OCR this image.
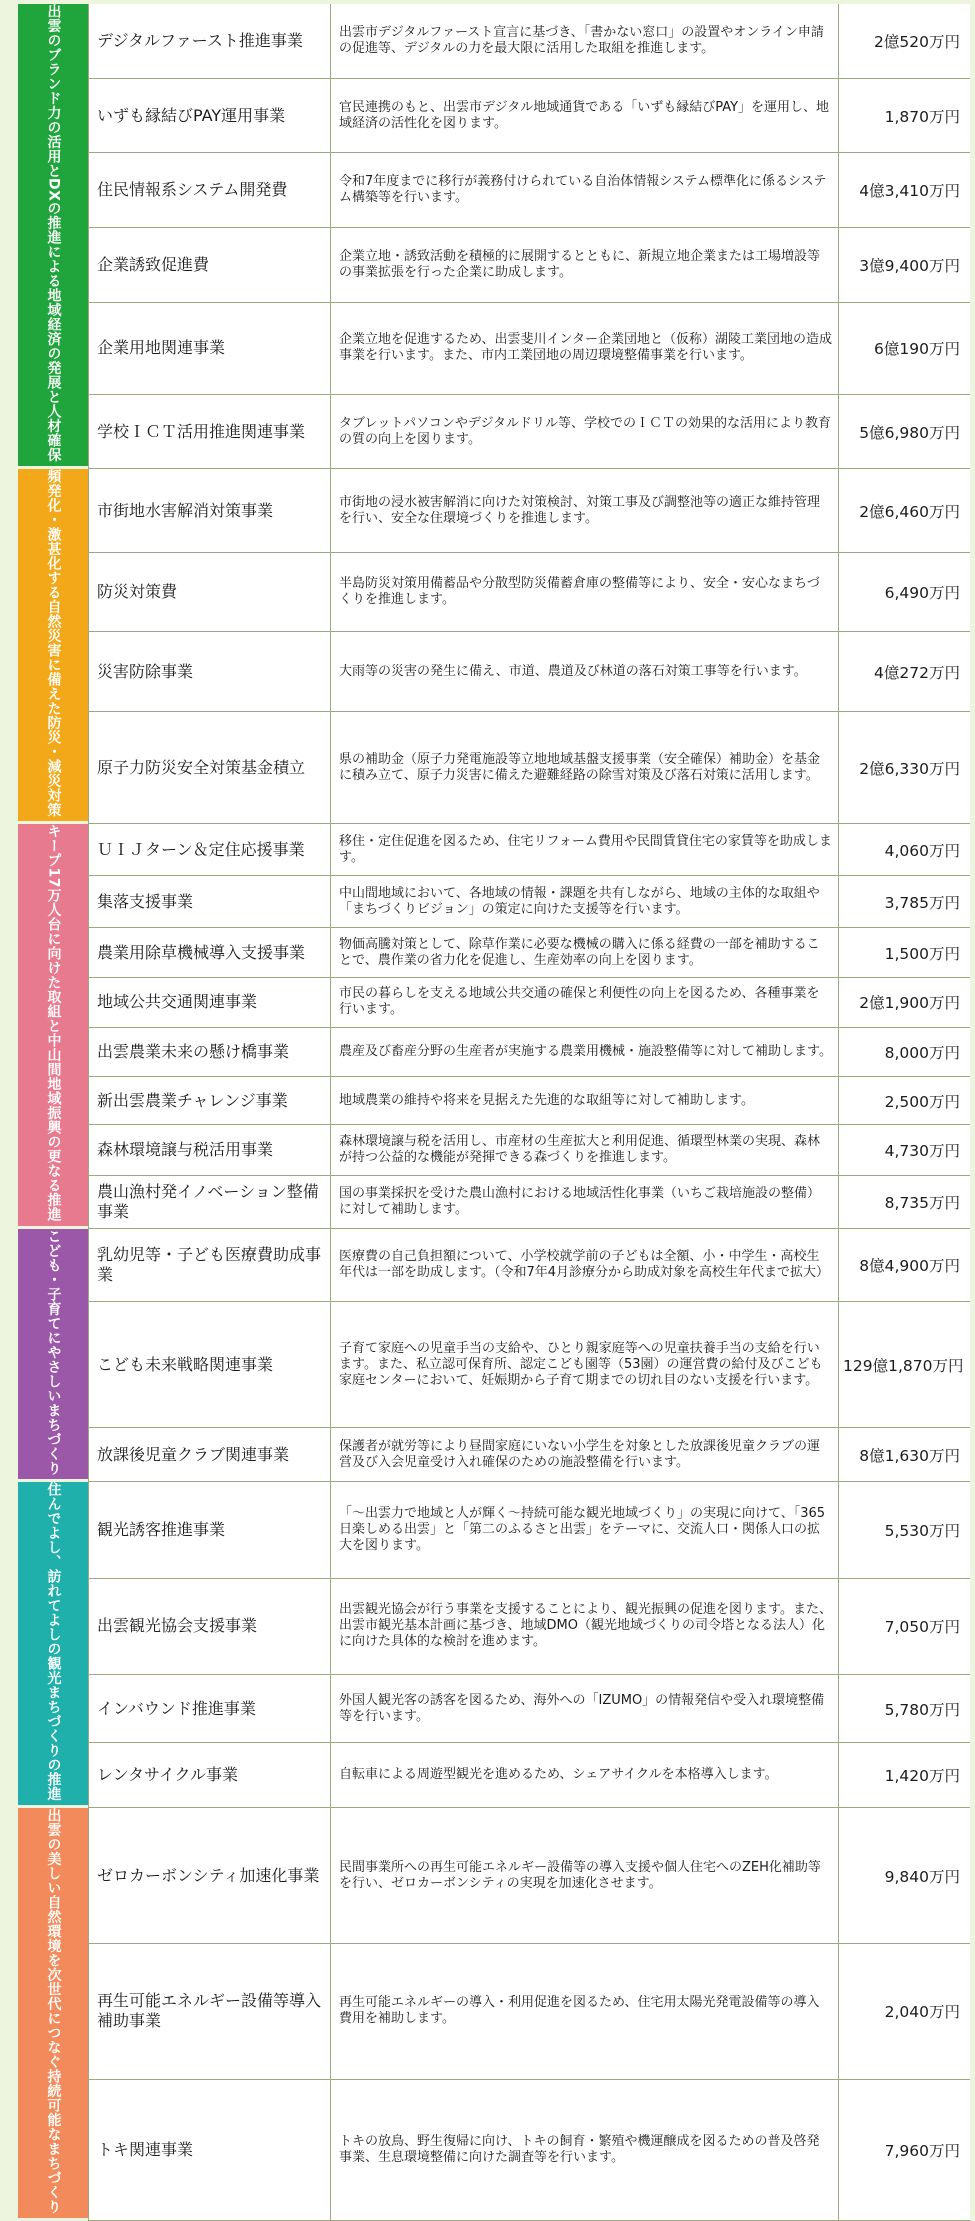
出雲のブランド力の活用とDXの推進による地域経済の発展と人材確保	デジタルファースト推進事業	出雲市デジタルファースト宣言に基づき、「書かない窓口」の設置やオンライン申請の促進等、デジタルの力を最大限に活用した取組を推進します。	2億520万円
	いずも縁結びPAY運用事業	官民連携のもと、出雲市デジタル地域通貨である「いずも縁結びPAY」を運用し、地域経済の活性化を図ります。	1,870万円
	住民情報系システム開発費	令和7年度までに移行が義務付けられている自治体情報システム標準化に係るシステム構築等を行います。	4億3,410万円
	企業誘致促進費	企業立地・誘致活動を積極的に展開するとともに、新規立地企業または工場増設等の事業拡張を行った企業に助成します。	3億9,400万円
	企業用地関連事業	企業立地を促進するため、出雲斐川インター企業団地と（仮称）湖陵工業団地の造成事業を行います。また、市内工業団地の周辺環境整備事業を行います。	6億190万円
	学校ＩＣＴ活用推進関連事業	タブレットパソコンやデジタルドリル等、学校でのＩＣＴの効果的な活用により教育の質の向上を図ります。	5億6,980万円
頻発化・激甚化する自然災害に備えた防災・減災対策	市街地水害解消対策事業	市街地の浸水被害解消に向けた対策検討、対策工事及び調整池等の適正な維持管理を行い、安全な住環境づくりを推進します。	2億6,460万円
	防災対策費	半島防災対策用備蓄品や分散型防災備蓄倉庫の整備等により、安全・安心なまちづくりを推進します。	6,490万円
	災害防除事業	大雨等の災害の発生に備え、市道、農道及び林道の落石対策工事等を行います。	4億272万円
	原子力防災安全対策基金積立	県の補助金（原子力発電施設等立地地域基盤支援事業（安全確保）補助金）を基金に積み立て、原子力災害に備えた避難経路の除雪対策及び落石対策に活用します。	2億6,330万円
キープ17万人台に向けた取組と中山間地域振興の更なる推進	ＵＩＪターン＆定住応援事業	移住・定住促進を図るため、住宅リフォーム費用や民間賃貸住宅の家賃等を助成します。	4,060万円
	集落支援事業	中山間地域において、各地域の情報・課題を共有しながら、地域の主体的な取組や「まちづくりビジョン」の策定に向けた支援等を行います。	3,785万円
	農業用除草機械導入支援事業	物価高騰対策として、除草作業に必要な機械の購入に係る経費の一部を補助することで、農作業の省力化を促進し、生産効率の向上を図ります。	1,500万円
	地域公共交通関連事業	市民の暮らしを支える地域公共交通の確保と利便性の向上を図るため、各種事業を行います。	2億1,900万円
	出雲農業未来の懸け橋事業	農産及び畜産分野の生産者が実施する農業用機械・施設整備等に対して補助します。	8,000万円
	新出雲農業チャレンジ事業	地域農業の維持や将来を見据えた先進的な取組等に対して補助します。	2,500万円
	森林環境譲与税活用事業	森林環境譲与税を活用し、市産材の生産拡大と利用促進、循環型林業の実現、森林が持つ公益的な機能が発揮できる森づくりを推進します。	4,730万円
	農山漁村発イノベーション整備事業	国の事業採択を受けた農山漁村における地域活性化事業（いちご栽培施設の整備）に対して補助します。	8,735万円
こども・子育てにやさしいまちづくり	乳幼児等・子ども医療費助成事業	医療費の自己負担額について、小学校就学前の子どもは全額、小・中学生・高校生年代は一部を助成します。（令和7年4月診療分から助成対象を高校生年代まで拡大）	8億4,900万円
	こども未来戦略関連事業	子育て家庭への児童手当の支給や、ひとり親家庭等への児童扶養手当の支給を行います。また、私立認可保育所、認定こども園等（53園）の運営費の給付及びこども家庭センターにおいて、妊娠期から子育て期までの切れ目のない支援を行います。	129億1,870万円
	放課後児童クラブ関連事業	保護者が就労等により昼間家庭にいない小学生を対象とした放課後児童クラブの運営及び入会児童受け入れ確保のための施設整備を行います。	8億1,630万円
住んでよし、訪れてよしの観光まちづくりの推進	観光誘客推進事業	「～出雲力で地域と人が輝く～持続可能な観光地域づくり」の実現に向けて、「365日楽しめる出雲」と「第二のふるさと出雲」をテーマに、交流人口・関係人口の拡大を図ります。	5,530万円
	出雲観光協会支援事業	出雲観光協会が行う事業を支援することにより、観光振興の促進を図ります。また、出雲市観光基本計画に基づき、地域DMO（観光地域づくりの司令塔となる法人）化に向けた具体的な検討を進めます。	7,050万円
	インバウンド推進事業	外国人観光客の誘客を図るため、海外への「IZUMO」の情報発信や受入れ環境整備等を行います。	5,780万円
	レンタサイクル事業	自転車による周遊型観光を進めるため、シェアサイクルを本格導入します。	1,420万円
出雲の美しい自然環境を次世代につなぐ持続可能なまちづくり	ゼロカーボンシティ加速化事業	民間事業所への再生可能エネルギー設備等の導入支援や個人住宅へのZEH化補助等を行い、ゼロカーボンシティの実現を加速化させます。	9,840万円
	再生可能エネルギー設備等導入補助事業	再生可能エネルギーの導入・利用促進を図るため、住宅用太陽光発電設備等の導入費用を補助します。	2,040万円
	トキ関連事業	トキの放鳥、野生復帰に向け、トキの飼育・繁殖や機運醸成を図るための普及啓発事業、生息環境整備に向けた調査等を行います。	7,960万円
